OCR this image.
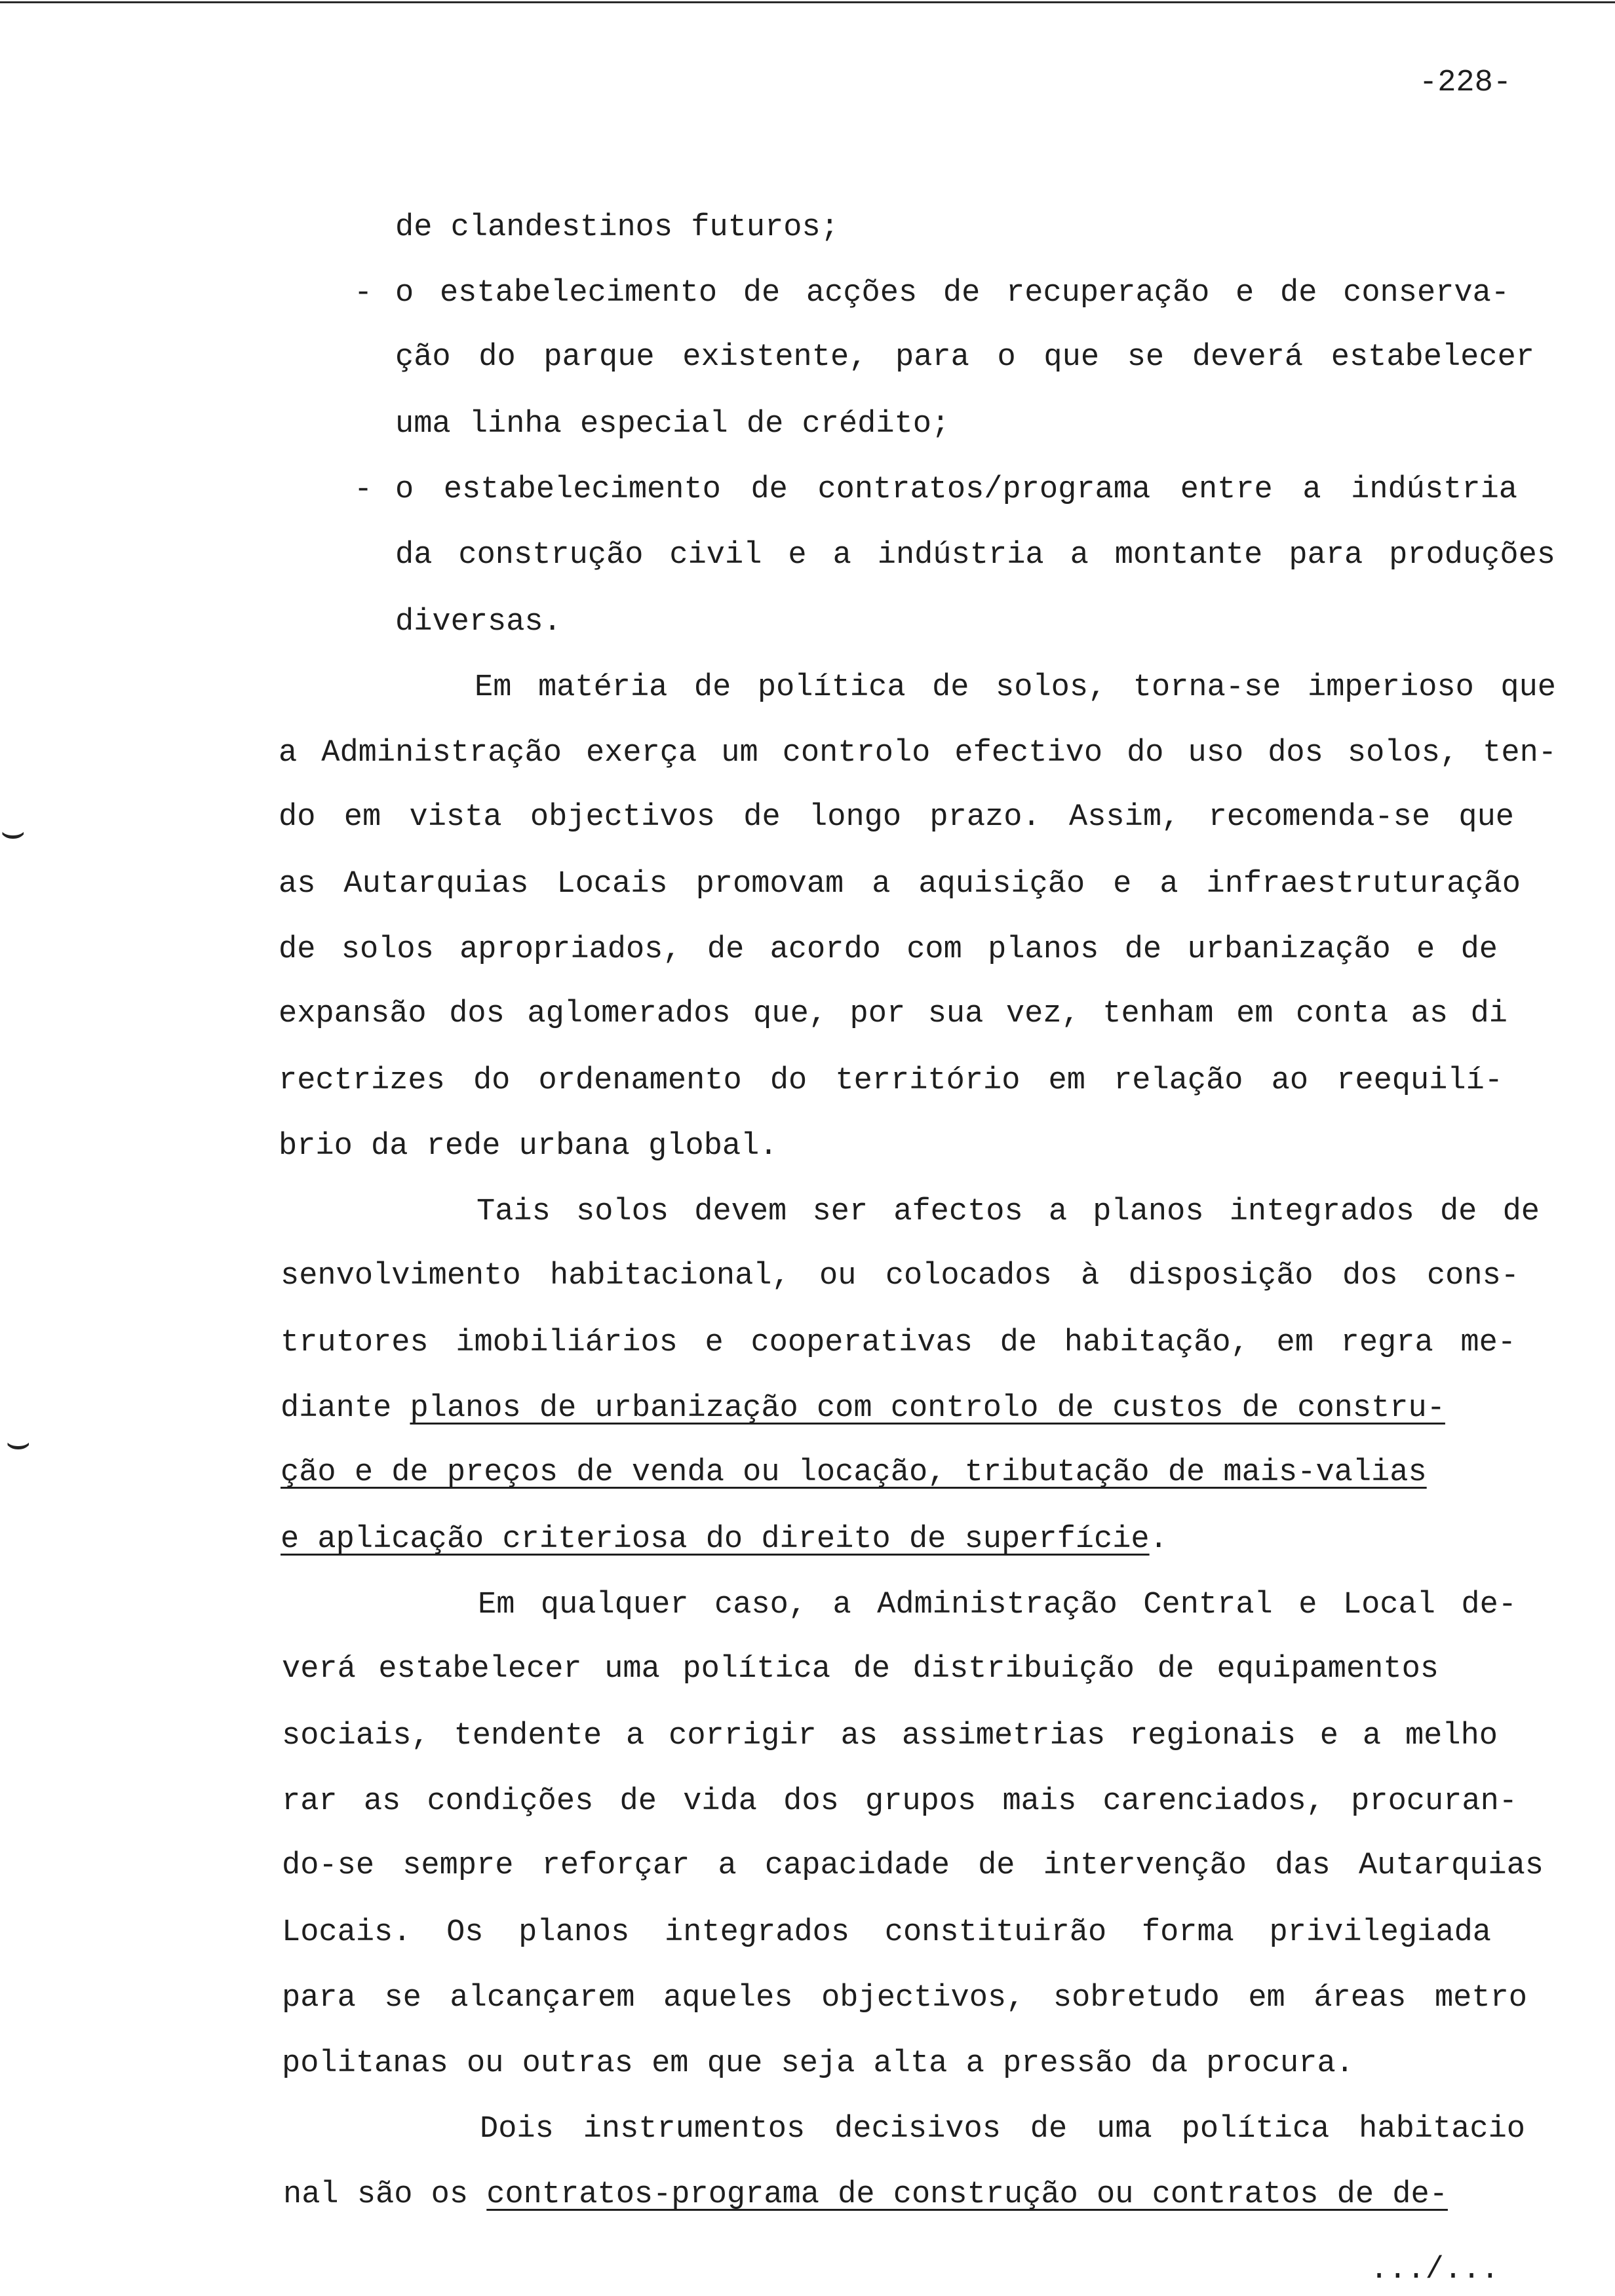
-228-
⌣
⌣
de clandestinos futuros;
- o estabelecimento de acções de recuperação e de conserva-
ção do parque existente, para o que se deverá estabelecer
uma linha especial de crédito;
- o estabelecimento de contratos/programa entre a indústria
da construção civil e a indústria a montante para produções
diversas.
Em matéria de política de solos, torna-se imperioso que
a Administração exerça um controlo efectivo do uso dos solos, ten-
do em vista objectivos de longo prazo. Assim, recomenda-se que
as Autarquias Locais promovam a aquisição e a infraestruturação
de solos apropriados, de acordo com planos de urbanização e de
expansão dos aglomerados que, por sua vez, tenham em conta as di
rectrizes do ordenamento do território em relação ao reequilí-
brio da rede urbana global.
Tais solos devem ser afectos a planos integrados de de
senvolvimento habitacional, ou colocados à disposição dos cons-
trutores imobiliários e cooperativas de habitação, em regra me-
diante planos de urbanização com controlo de custos de constru-
ção e de preços de venda ou locação, tributação de mais-valias
e aplicação criteriosa do direito de superfície.
Em qualquer caso, a Administração Central e Local de-
verá estabelecer uma política de distribuição de equipamentos
sociais, tendente a corrigir as assimetrias regionais e a melho
rar as condições de vida dos grupos mais carenciados, procuran-
do-se sempre reforçar a capacidade de intervenção das Autarquias
Locais. Os planos integrados constituirão forma privilegiada
para se alcançarem aqueles objectivos, sobretudo em áreas metro
politanas ou outras em que seja alta a pressão da procura.
Dois instrumentos decisivos de uma política habitacio
nal são os contratos-programa de construção ou contratos de de-
.../...
